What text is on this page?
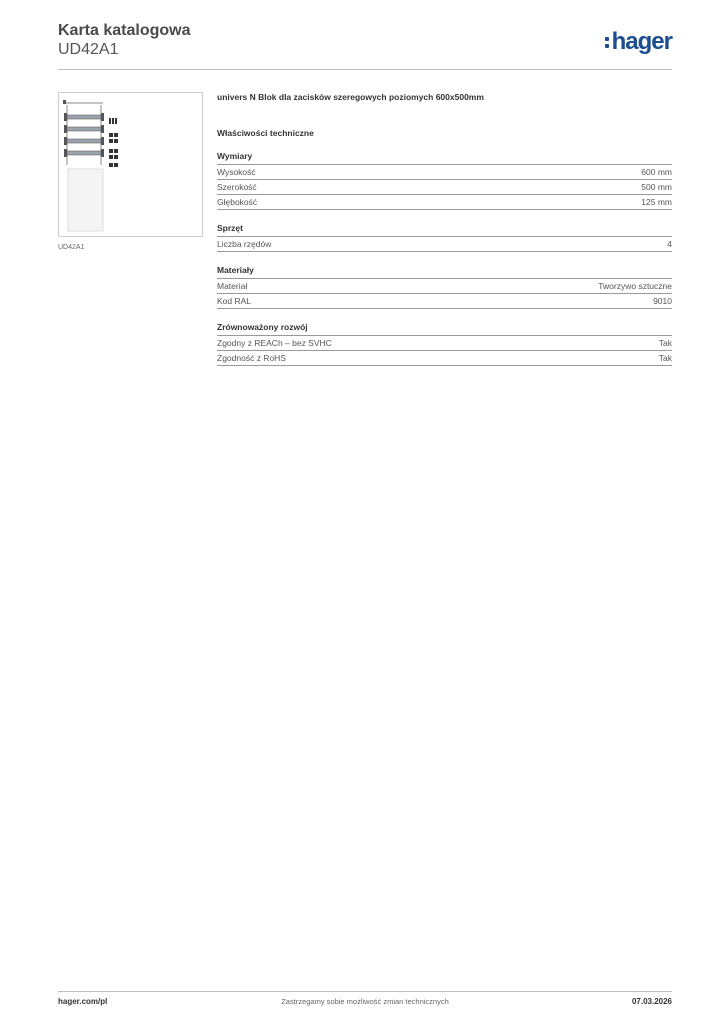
Karta katalogowa
UD42A1	hager
UD42A1
univers N Blok dla zacisków szeregowych poziomych 600x500mm
Właściwości techniczne
Wymiary
Wysokość	600 mm
Szerokość	500 mm
Głębokość	125 mm
Sprzęt
Liczba rzędów	4
Materiały
Materiał	Tworzywo sztuczne
Kod RAL	9010
Zrównoważony rozwój
Zgodny z REACh – bez SVHC	Tak
Zgodność z RoHS	Tak
hager.com/pl	Zastrzegamy sobie możliwość zmian technicznych	07.03.2026
